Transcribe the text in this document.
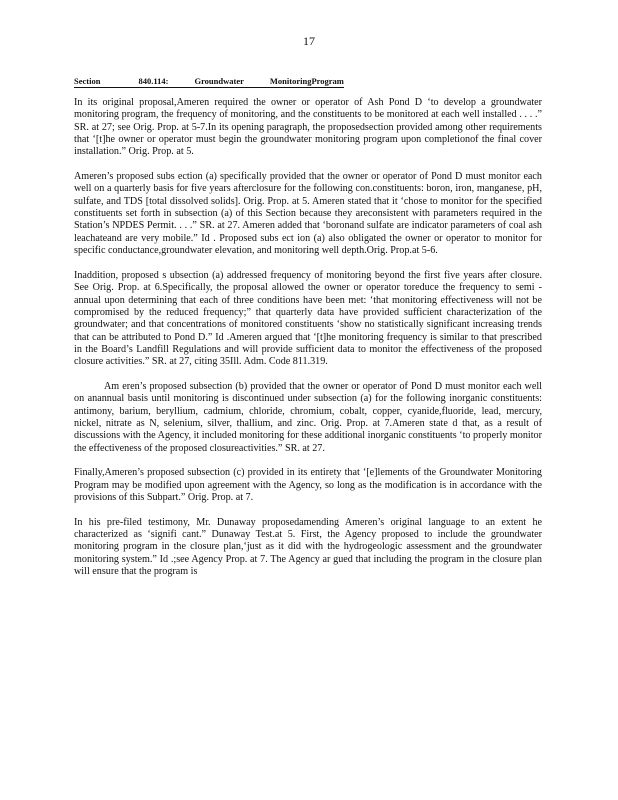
17
Section	840.114:	Groundwater	MonitoringProgram

In its original proposal,Ameren required the owner or operator of Ash Pond D ‘to develop a groundwater monitoring program, the frequency of monitoring, and the constituents to be monitored at each well installed . . . .” SR. at 27; see Orig. Prop. at 5-7.In its opening paragraph, the proposedsection provided among other requirements that ‘[t]he owner or operator must begin the groundwater monitoring program upon completionof the final cover installation.” Orig. Prop. at 5.

Ameren’s proposed subs ection (a) specifically provided that the owner or operator of Pond D must monitor each well on a quarterly basis for five years afterclosure for the following con.constituents: boron, iron, manganese, pH, sulfate, and TDS [total dissolved solids]. Orig. Prop. at 5. Ameren stated that it ‘chose to monitor for the specified constituents set forth in subsection (a) of this Section because they areconsistent with parameters required in the Station’s NPDES Permit. . . .” SR. at 27. Ameren added that ‘boronand sulfate are indicator parameters of coal ash leachateand are very mobile.” Id . Proposed subs ect ion (a) also obligated the owner or operator to monitor for specific conductance,groundwater elevation, and monitoring well depth.Orig. Prop.at 5-6.

Inaddition, proposed s ubsection (a) addressed frequency of monitoring beyond the first five years after closure. See Orig. Prop. at 6.Specifically, the proposal allowed the owner or operator toreduce the frequency to semi -annual upon determining that each of three conditions have been met: ‘that monitoring effectiveness will not be compromised by the reduced frequency;” that quarterly data have provided sufficient characterization of the groundwater; and that concentrations of monitored constituents ‘show no statistically significant increasing trends that can be attributed to Pond D.” Id .Ameren argued that ‘[t]he monitoring frequency is similar to that prescribed in the Board’s Landfill Regulations and will provide sufficient data to monitor the effectiveness of the proposed closure activities.” SR. at 27, citing 35Ill. Adm. Code 811.319.

Am eren’s proposed subsection (b) provided that the owner or operator of Pond D must monitor each well on anannual basis until monitoring is discontinued under subsection (a) for the following inorganic constituents: antimony, barium, beryllium, cadmium, chloride, chromium, cobalt, copper, cyanide,fluoride, lead, mercury, nickel, nitrate as N, selenium, silver, thallium, and zinc. Orig. Prop. at 7.Ameren state d that, as a result of discussions with the Agency, it included monitoring for these additional inorganic constituents ‘to properly monitor the effectiveness of the proposed closureactivities.” SR. at 27.

Finally,Ameren’s proposed subsection (c) provided in its entirety that ‘[e]lements of the Groundwater Monitoring Program may be modified upon agreement with the Agency, so long as the modification is in accordance with the provisions of this Subpart.” Orig. Prop. at 7.

In his pre-filed testimony, Mr. Dunaway proposedamending Ameren’s original language to an extent he characterized as ‘signifi cant.” Dunaway Test.at 5. First, the Agency proposed to include the groundwater monitoring program in the closure plan,‘just as it did with the hydrogeologic assessment and the groundwater monitoring system.” Id .;see Agency Prop. at 7. The Agency ar gued that including the program in the closure plan will ensure that the program is
